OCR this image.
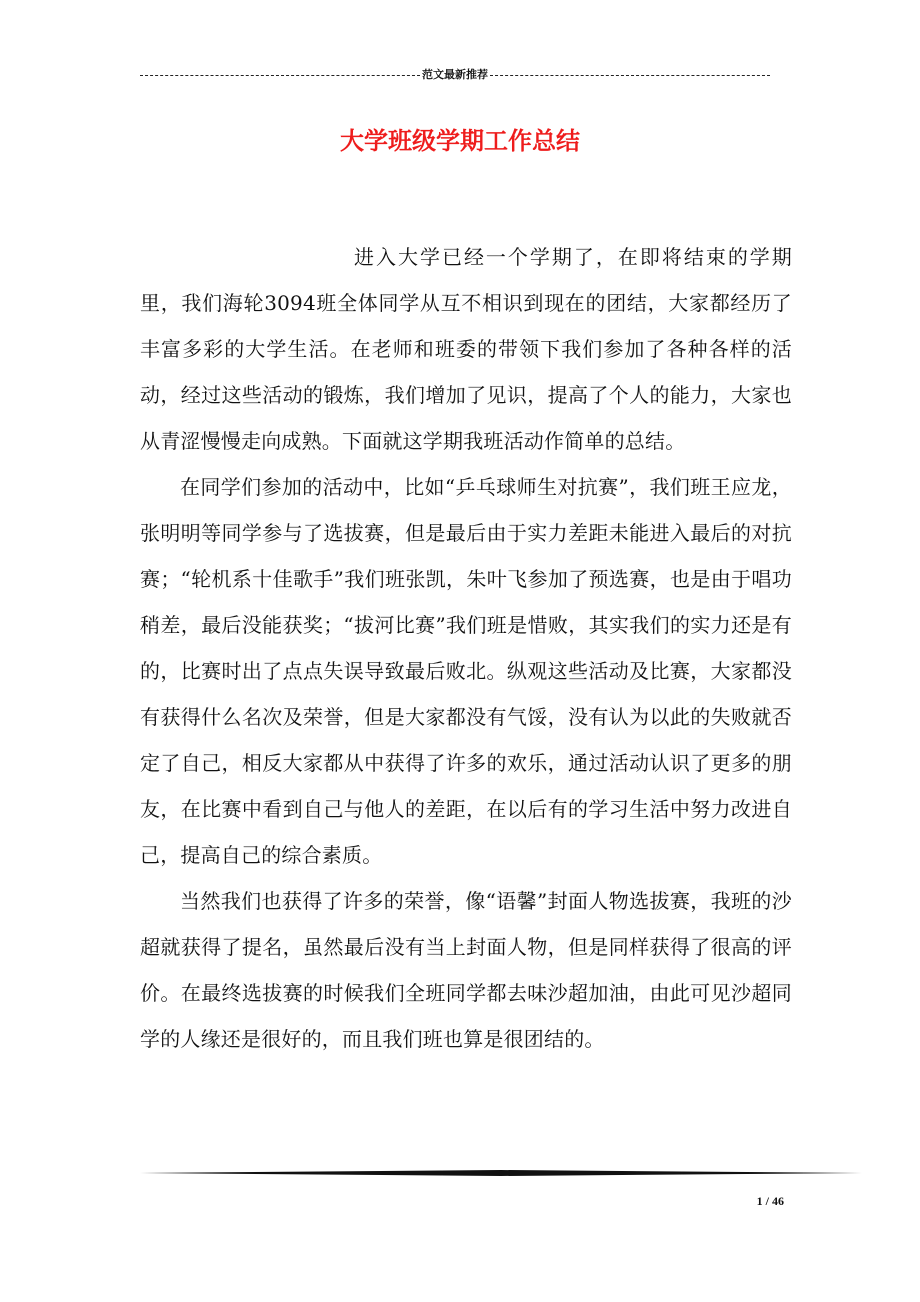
范文最新推荐
大学班级学期工作总结

进入大学已经一个学期了，在即将结束的学期里，我们海轮3094班全体同学从互不相识到现在的团结，大家都经历了丰富多彩的大学生活。在老师和班委的带领下我们参加了各种各样的活动，经过这些活动的锻炼，我们增加了见识，提高了个人的能力，大家也从青涩慢慢走向成熟。下面就这学期我班活动作简单的总结。

在同学们参加的活动中，比如“乒乓球师生对抗赛”，我们班王应龙，张明明等同学参与了选拔赛，但是最后由于实力差距未能进入最后的对抗赛；“轮机系十佳歌手”我们班张凯，朱叶飞参加了预选赛，也是由于唱功稍差，最后没能获奖；“拔河比赛”我们班是惜败，其实我们的实力还是有的，比赛时出了点点失误导致最后败北。纵观这些活动及比赛，大家都没有获得什么名次及荣誉，但是大家都没有气馁，没有认为以此的失败就否定了自己，相反大家都从中获得了许多的欢乐，通过活动认识了更多的朋友，在比赛中看到自己与他人的差距，在以后有的学习生活中努力改进自己，提高自己的综合素质。

当然我们也获得了许多的荣誉，像“语馨”封面人物选拔赛，我班的沙超就获得了提名，虽然最后没有当上封面人物，但是同样获得了很高的评价。在最终选拔赛的时候我们全班同学都去味沙超加油，由此可见沙超同学的人缘还是很好的，而且我们班也算是很团结的。

1 / 46
